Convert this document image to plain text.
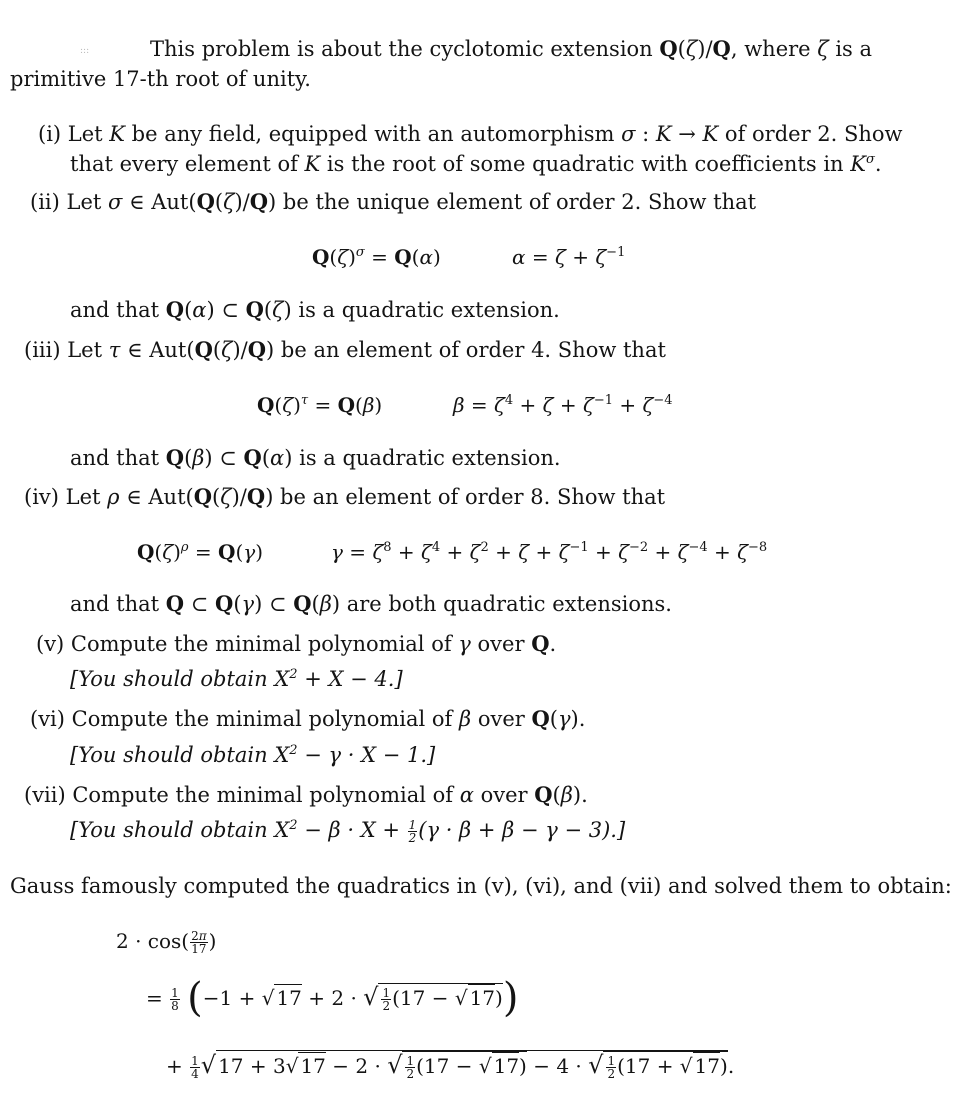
:::	This problem is about the cyclotomic extension Q(ζ)/Q, where ζ is a
primitive 17-th root of unity.
(i) Let K be any field, equipped with an automorphism σ : K → K of order 2. Show
that every element of K is the root of some quadratic with coefficients in $K^\sigma$.
(ii) Let σ ∈ Aut(Q(ζ)/Q) be the unique element of order 2. Show that
$Q(\zeta)^\sigma = Q(\alpha)$	$\alpha = \zeta + \zeta^{-1}$
and that Q(α) ⊂ Q(ζ) is a quadratic extension.
(iii) Let τ ∈ Aut(Q(ζ)/Q) be an element of order 4. Show that
$Q(\zeta)^\tau = Q(\beta)$	$\beta = \zeta^4 + \zeta + \zeta^{-1} + \zeta^{-4}$
and that Q(β) ⊂ Q(α) is a quadratic extension.
(iv) Let ρ ∈ Aut(Q(ζ)/Q) be an element of order 8. Show that
$Q(\zeta)^\rho = Q(\gamma)$	$\gamma = \zeta^8 + \zeta^4 + \zeta^2 + \zeta + \zeta^{-1} + \zeta^{-2} + \zeta^{-4} + \zeta^{-8}$
and that Q ⊂ Q(γ) ⊂ Q(β) are both quadratic extensions.
(v) Compute the minimal polynomial of γ over Q.
[You should obtain $X^2 + X - 4$.]
(vi) Compute the minimal polynomial of β over Q(γ).
[You should obtain $X^2 - \gamma \cdot X - 1$.]
(vii) Compute the minimal polynomial of α over Q(β).
[You should obtain $X^2 - \beta \cdot X + \frac{1}{2} (\gamma \cdot \beta + \beta - \gamma - 3)$.]
Gauss famously computed the quadratics in (v), (vi), and (vii) and solved them to obtain:
$2 \cdot \cos( \frac{2\pi}{17}$ )
= $\frac{1}{8} (-1$ + √ 17 + 2 · √ $\frac{1}{2} (17$ − √ 17))
+ $\frac{1}{4}$ √ 17 + 3√ 17 − 2 · √ $\frac{1}{2} (17$ − √ 17) − 4 · √ $\frac{1}{2} (17$ + √ 17).
